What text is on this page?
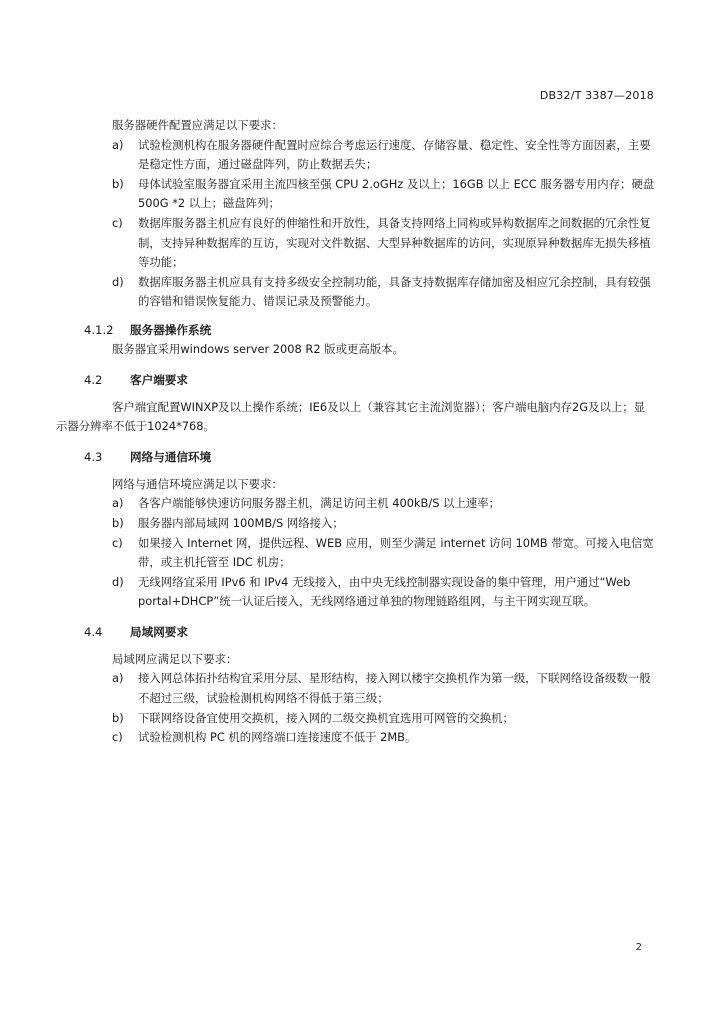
DB32/T 3387—2018

服务器硬件配置应满足以下要求：

a)	试验检测机构在服务器硬件配置时应综合考虑运行速度、存储容量、稳定性、安全性等方面因素，主要是稳定性方面，通过磁盘阵列，防止数据丢失；
b)	母体试验室服务器宜采用主流四核至强 CPU 2.oGHz 及以上；16GB 以上 ECC 服务器专用内存；硬盘 500G *2 以上；磁盘阵列；
c)	数据库服务器主机应有良好的伸缩性和开放性，具备支持网络上同构或异构数据库之间数据的冗余性复制，支持异种数据库的互访，实现对文件数据、大型异种数据库的访问，实现原异种数据库无损失移植等功能；
d)	数据库服务器主机应具有支持多级安全控制功能，具备支持数据库存储加密及相应冗余控制，具有较强的容错和错误恢复能力、错误记录及预警能力。
4.1.2 服务器操作系统

服务器宜采用windows server 2008 R2 版或更高版本。

4.2 客户端要求

客户端宜配置WINXP及以上操作系统；IE6及以上（兼容其它主流浏览器）；客户端电脑内存2G及以上；显示器分辨率不低于1024*768。

4.3 网络与通信环境

网络与通信环境应满足以下要求：

a)	各客户端能够快速访问服务器主机，满足访问主机 400kB/S 以上速率；
b)	服务器内部局域网 100MB/S 网络接入；
c)	如果接入 Internet 网，提供远程、WEB 应用，则至少满足 internet 访问 10MB 带宽。可接入电信宽带，或主机托管至 IDC 机房；
d)	无线网络宜采用 IPv6 和 IPv4 无线接入，由中央无线控制器实现设备的集中管理，用户通过“Web portal+DHCP”统一认证后接入，无线网络通过单独的物理链路组网，与主干网实现互联。
4.4 局域网要求

局域网应满足以下要求：

a)	接入网总体拓扑结构宜采用分层、星形结构，接入网以楼宇交换机作为第一级，下联网络设备级数一般不超过三级，试验检测机构网络不得低于第三级；
b)	下联网络设备宜使用交换机，接入网的二级交换机宜选用可网管的交换机；
c)	试验检测机构 PC 机的网络端口连接速度不低于 2MB。
2
